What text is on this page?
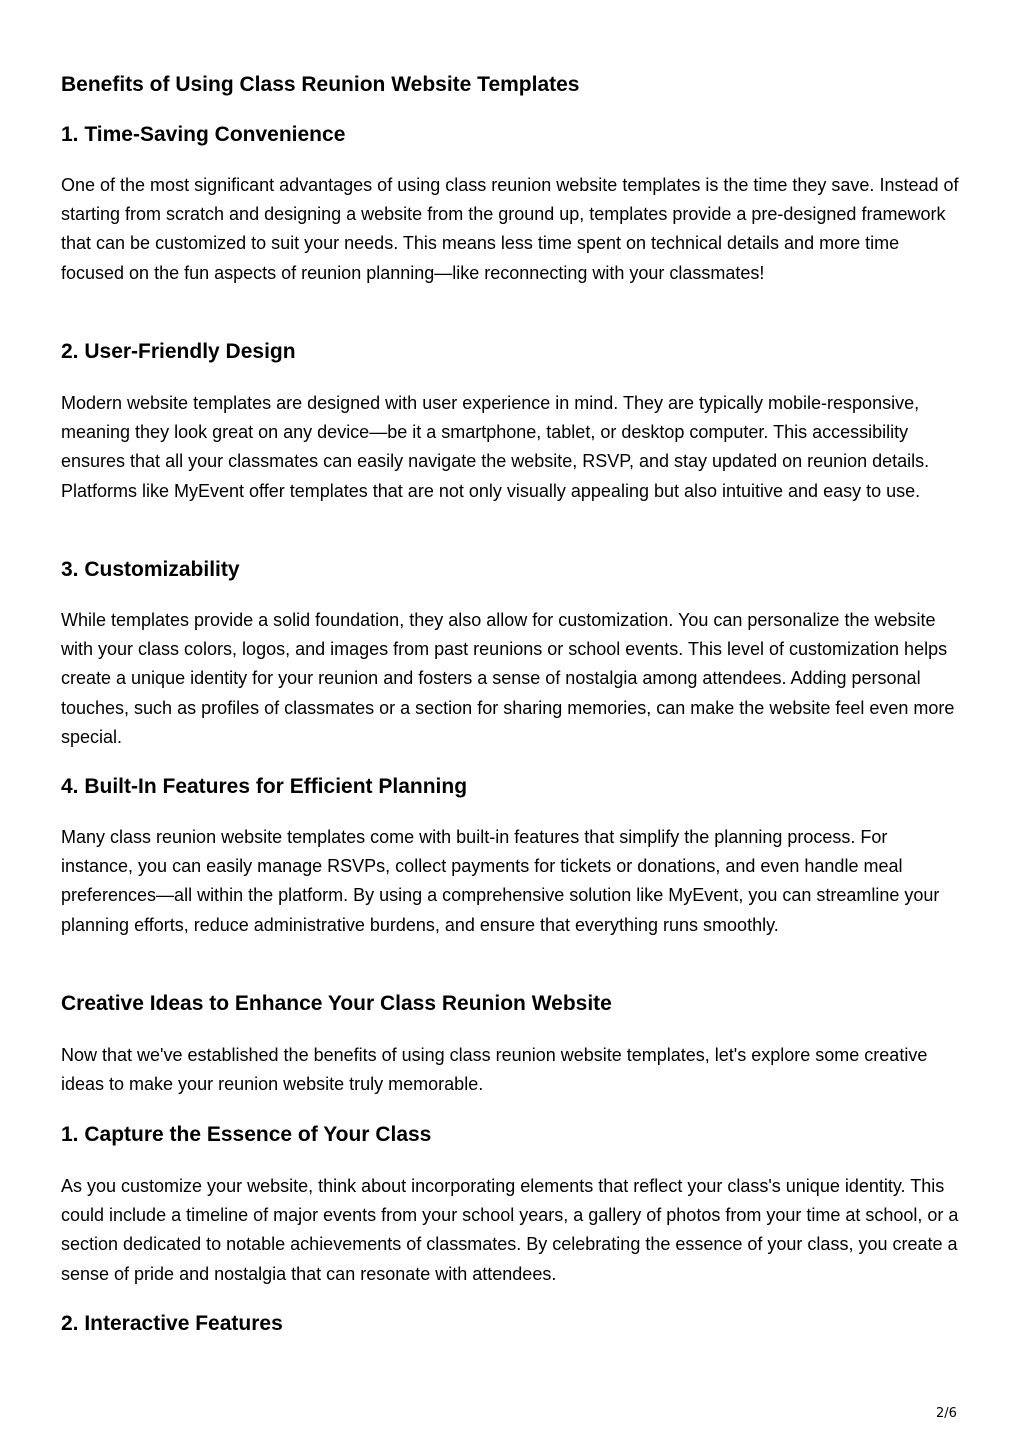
Benefits of Using Class Reunion Website Templates
1. Time-Saving Convenience

One of the most significant advantages of using class reunion website templates is the time they save. Instead of starting from scratch and designing a website from the ground up, templates provide a pre-designed framework that can be customized to suit your needs. This means less time spent on technical details and more time focused on the fun aspects of reunion planning—like reconnecting with your classmates!

2. User-Friendly Design

Modern website templates are designed with user experience in mind. They are typically mobile-responsive, meaning they look great on any device—be it a smartphone, tablet, or desktop computer. This accessibility ensures that all your classmates can easily navigate the website, RSVP, and stay updated on reunion details. Platforms like MyEvent offer templates that are not only visually appealing but also intuitive and easy to use.

3. Customizability

While templates provide a solid foundation, they also allow for customization. You can personalize the website with your class colors, logos, and images from past reunions or school events. This level of customization helps create a unique identity for your reunion and fosters a sense of nostalgia among attendees. Adding personal touches, such as profiles of classmates or a section for sharing memories, can make the website feel even more special.

4. Built-In Features for Efficient Planning

Many class reunion website templates come with built-in features that simplify the planning process. For instance, you can easily manage RSVPs, collect payments for tickets or donations, and even handle meal preferences—all within the platform. By using a comprehensive solution like MyEvent, you can streamline your planning efforts, reduce administrative burdens, and ensure that everything runs smoothly.

Creative Ideas to Enhance Your Class Reunion Website

Now that we've established the benefits of using class reunion website templates, let's explore some creative ideas to make your reunion website truly memorable.

1. Capture the Essence of Your Class

As you customize your website, think about incorporating elements that reflect your class's unique identity. This could include a timeline of major events from your school years, a gallery of photos from your time at school, or a section dedicated to notable achievements of classmates. By celebrating the essence of your class, you create a sense of pride and nostalgia that can resonate with attendees.

2. Interactive Features
2/6
